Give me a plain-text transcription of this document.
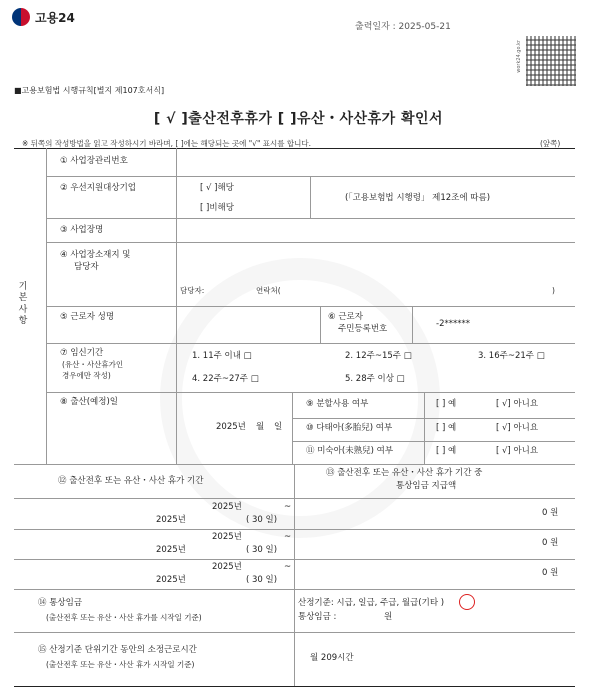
고용24
출력일자 : 2025-05-21
work24.go.kr
■고용보험법 시행규칙[별지 제107호서식]
[ √ ]출산전후휴가 [ ]유산・사산휴가 확인서
※ 뒤쪽의 작성방법을 읽고 작성하시기 바라며, [ ]에는 해당되는 곳에 "√" 표시를 합니다.	(앞쪽)
기
본
사
항
① 사업장관리번호
② 우선지원대상기업	[ √ ]해당
[ ]비해당
(「고용보험법 시행령」 제12조에 따름)
③ 사업장명
④ 사업장소재지 및
담당자
담당자:	연락처(	)
⑤ 근로자 성명	⑥ 근로자
주민등록번호	-2******
⑦ 임신기간
(유산・사산휴가인
경우에만 작성)
1. 11주 이내 □	2. 12주~15주 □	3. 16주~21주 □
4. 22주~27주 □	5. 28주 이상 □
⑧ 출산(예정)일
2025년 월 일
⑨ 분할사용 여부	[ ] 예	[ √] 아니요
⑩ 다태아(多胎兒) 여부	[ ] 예	[ √] 아니요
⑪ 미숙아(未熟兒) 여부	[ ] 예	[ √] 아니요
⑫ 출산전후 또는 유산・사산 휴가 기간
⑬ 출산전후 또는 유산・사산 휴가 기간 중
통상임금 지급액
2025년	~
2025년	( 30 일)
0 원
2025년	~
2025년	( 30 일)
0 원
2025년	~
2025년	( 30 일)
0 원
⑭ 통상임금
(출산전후 또는 유산・사산 휴가를 시작일 기준)
산정기준: 시급, 일급, 주급, 월급(기타 )
통상임금 :	원
⑮ 산정기준 단위기간 동안의 소정근로시간
(출산전후 또는 유산・사산 휴가 시작일 기준)
월 209시간
